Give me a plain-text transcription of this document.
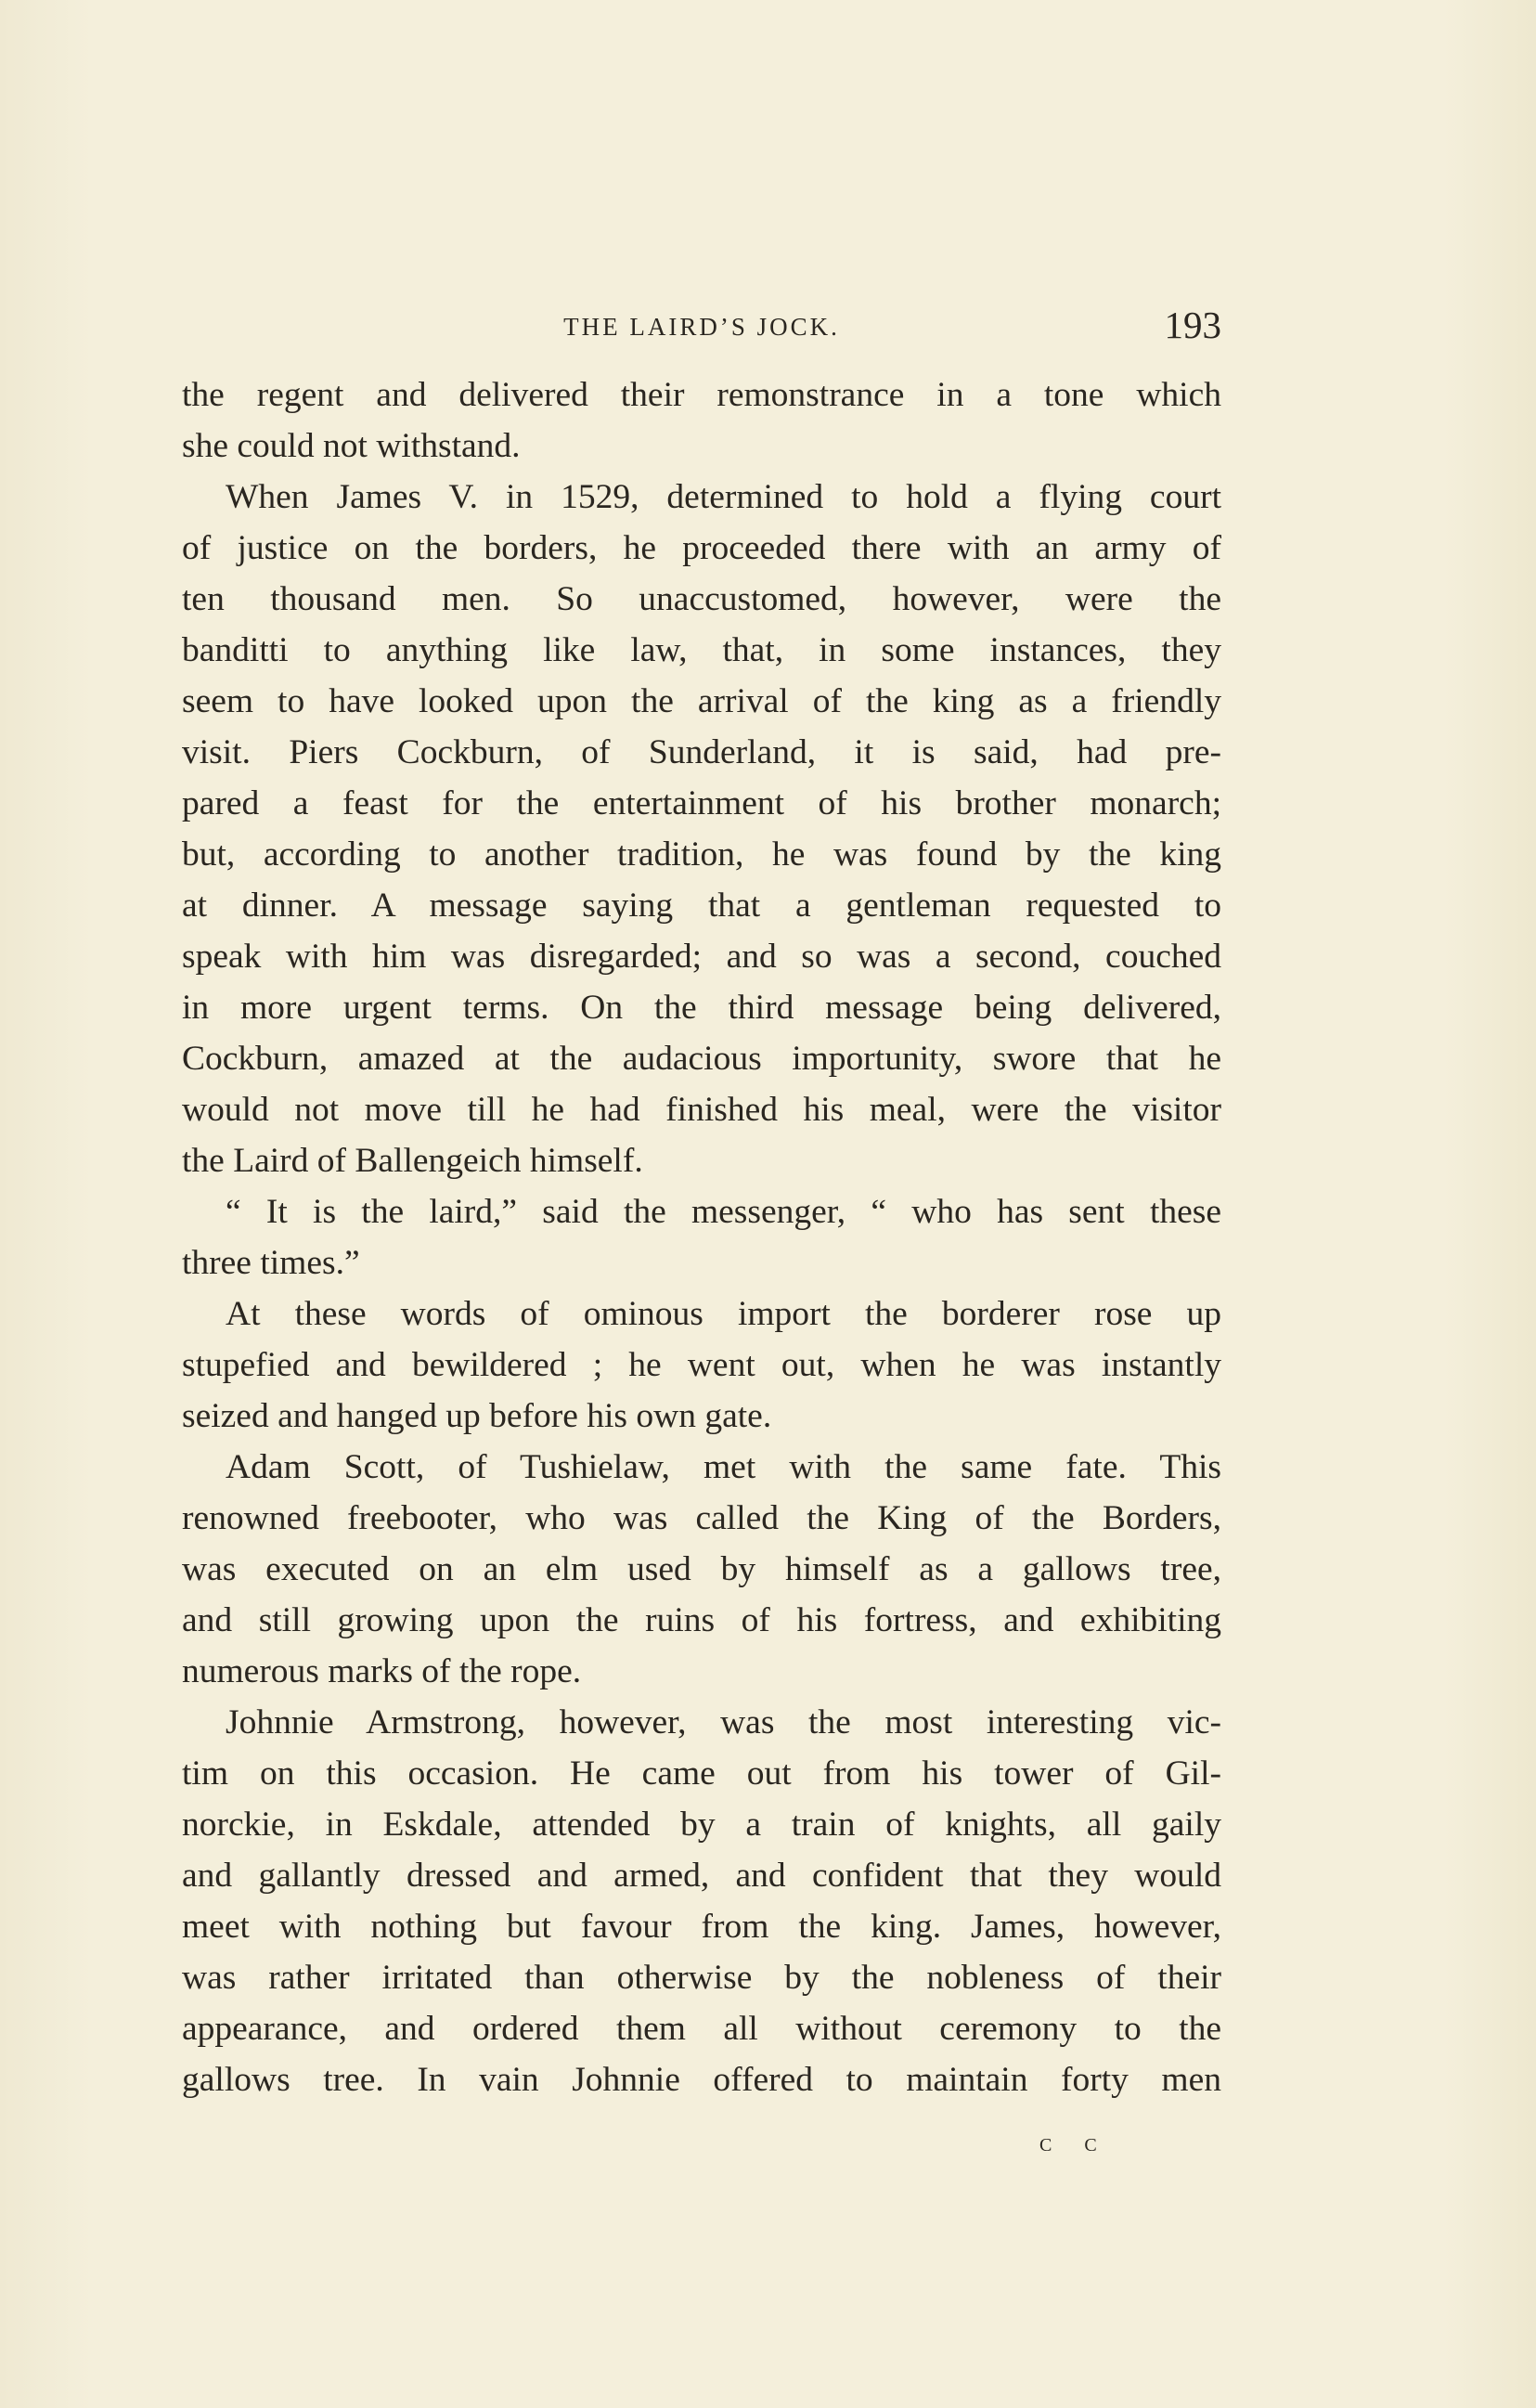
THE LAIRD’S JOCK.	193
the regent and delivered their remonstrance in a tone which
she could not withstand.
When James V. in 1529, determined to hold a flying court
of justice on the borders, he proceeded there with an army of
ten thousand men. So unaccustomed, however, were the
banditti to anything like law, that, in some instances, they
seem to have looked upon the arrival of the king as a friendly
visit. Piers Cockburn, of Sunderland, it is said, had pre-
pared a feast for the entertainment of his brother monarch;
but, according to another tradition, he was found by the king
at dinner. A message saying that a gentleman requested to
speak with him was disregarded; and so was a second, couched
in more urgent terms. On the third message being delivered,
Cockburn, amazed at the audacious importunity, swore that he
would not move till he had finished his meal, were the visitor
the Laird of Ballengeich himself.
“ It is the laird,” said the messenger, “ who has sent these
three times.”
At these words of ominous import the borderer rose up
stupefied and bewildered ; he went out, when he was instantly
seized and hanged up before his own gate.
Adam Scott, of Tushielaw, met with the same fate. This
renowned freebooter, who was called the King of the Borders,
was executed on an elm used by himself as a gallows tree,
and still growing upon the ruins of his fortress, and exhibiting
numerous marks of the rope.
Johnnie Armstrong, however, was the most interesting vic-
tim on this occasion. He came out from his tower of Gil-
norckie, in Eskdale, attended by a train of knights, all gaily
and gallantly dressed and armed, and confident that they would
meet with nothing but favour from the king. James, however,
was rather irritated than otherwise by the nobleness of their
appearance, and ordered them all without ceremony to the
gallows tree. In vain Johnnie offered to maintain forty men
c c
